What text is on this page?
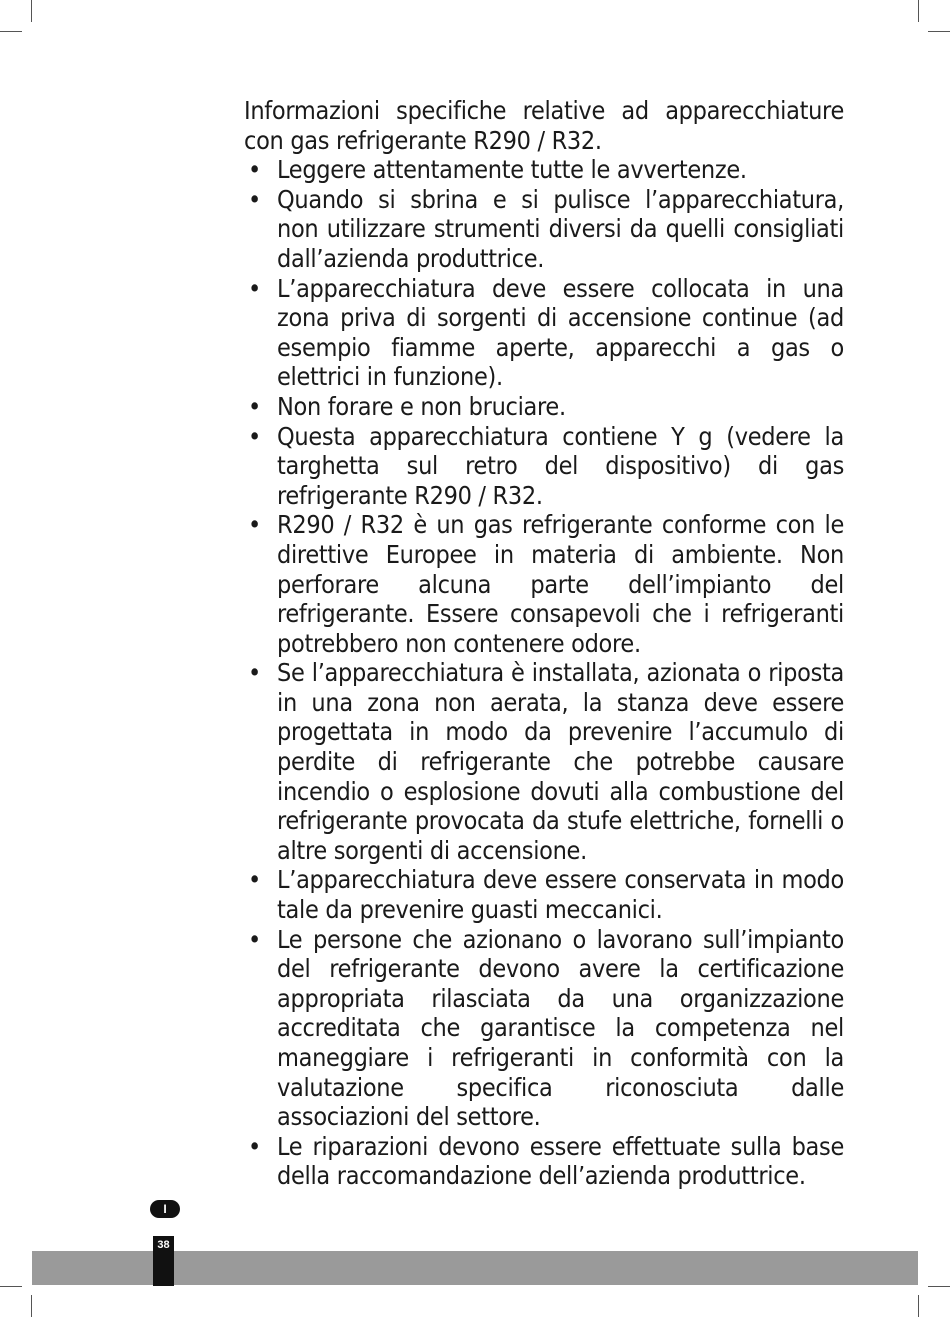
Informazioni specifiche relative ad apparecchiature con gas refrigerante R290 / R32.

• Leggere attentamente tutte le avvertenze.
• Quando si sbrina e si pulisce l’apparecchiatura, non utilizzare strumenti diversi da quelli consigliati dall’azienda produttrice.
• L’apparecchiatura deve essere collocata in una zona priva di sorgenti di accensione continue (ad esempio fiamme aperte, apparecchi a gas o elettrici in funzione).
• Non forare e non bruciare.
• Questa apparecchiatura contiene Y g (vedere la targhetta sul retro del dispositivo) di gas refrigerante R290 / R32.
• R290 / R32 è un gas refrigerante conforme con le direttive Europee in materia di ambiente. Non perforare alcuna parte dell’impianto del refrigerante. Essere consapevoli che i refrigeranti potrebbero non contenere odore.
• Se l’apparecchiatura è installata, azionata o riposta in una zona non aerata, la stanza deve essere progettata in modo da prevenire l’accumulo di perdite di refrigerante che potrebbe causare incendio o esplosione dovuti alla combustione del refrigerante provocata da stufe elettriche, fornelli o altre sorgenti di accensione.
• L’apparecchiatura deve essere conservata in modo tale da prevenire guasti meccanici.
• Le persone che azionano o lavorano sull’impianto del refrigerante devono avere la certificazione appropriata rilasciata da una organizzazione accreditata che garantisce la competenza nel maneggiare i refrigeranti in conformità con la valutazione specifica riconosciuta dalle associazioni del settore.
• Le riparazioni devono essere effettuate sulla base della raccomandazione dell’azienda produttrice.
I
38
